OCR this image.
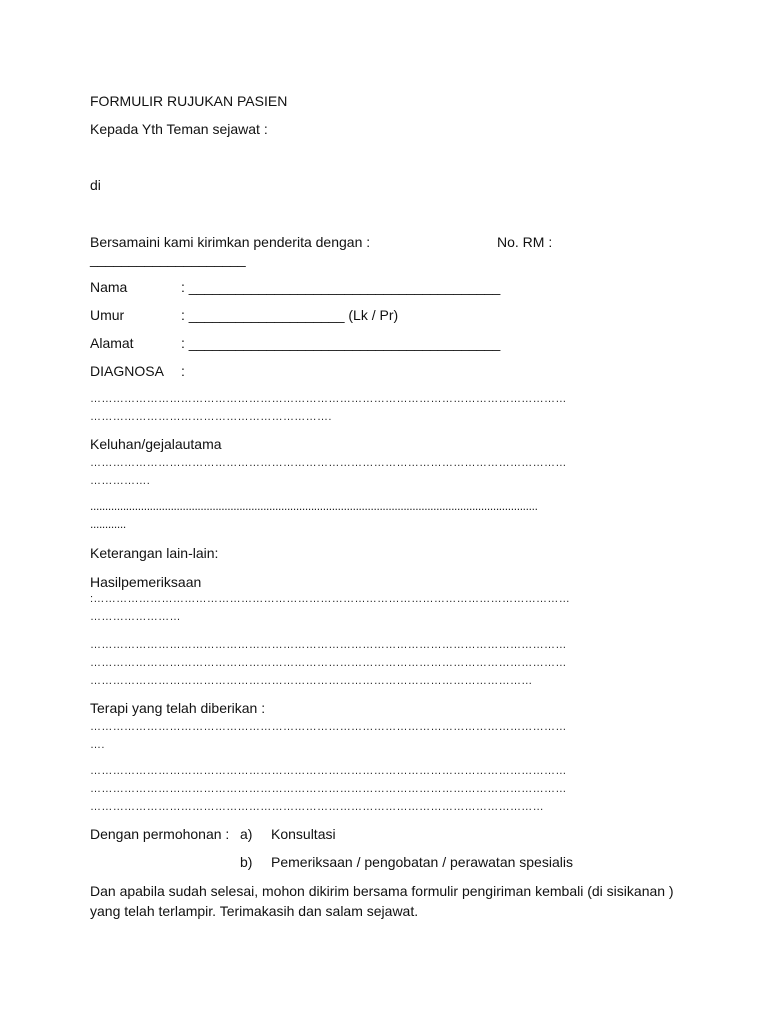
FORMULIR RUJUKAN PASIEN
Kepada Yth Teman sejawat :
di
Bersamaini kami kirimkan penderita dengan :	No. RM :
____________________
Nama	: ________________________________________
Umur	: ____________________ (Lk / Pr)
Alamat	: ________________________________________
DIAGNOSA :
………………………………………………………………………………………………………………
……………………………………………………….
Keluhan/gejalautama
………………………………………………………………………………………………………………
…………….
......................................................................................................................................................
............
Keterangan lain-lain:
Hasilpemeriksaan
:………………………………………………………………………………………………………………
……………………
………………………………………………………………………………………………………………
………………………………………………………………………………………………………………
………………………………………………………………………………………………………
Terapi yang telah diberikan :
………………………………………………………………………………………………………………
….
………………………………………………………………………………………………………………
………………………………………………………………………………………………………………
…………………………………………………………………………………………………………
Dengan permohonan : a) Konsultasi
b) Pemeriksaan / pengobatan / perawatan spesialis
Dan apabila sudah selesai, mohon dikirim bersama formulir pengiriman kembali (di sisikanan )
yang telah terlampir. Terimakasih dan salam sejawat.
